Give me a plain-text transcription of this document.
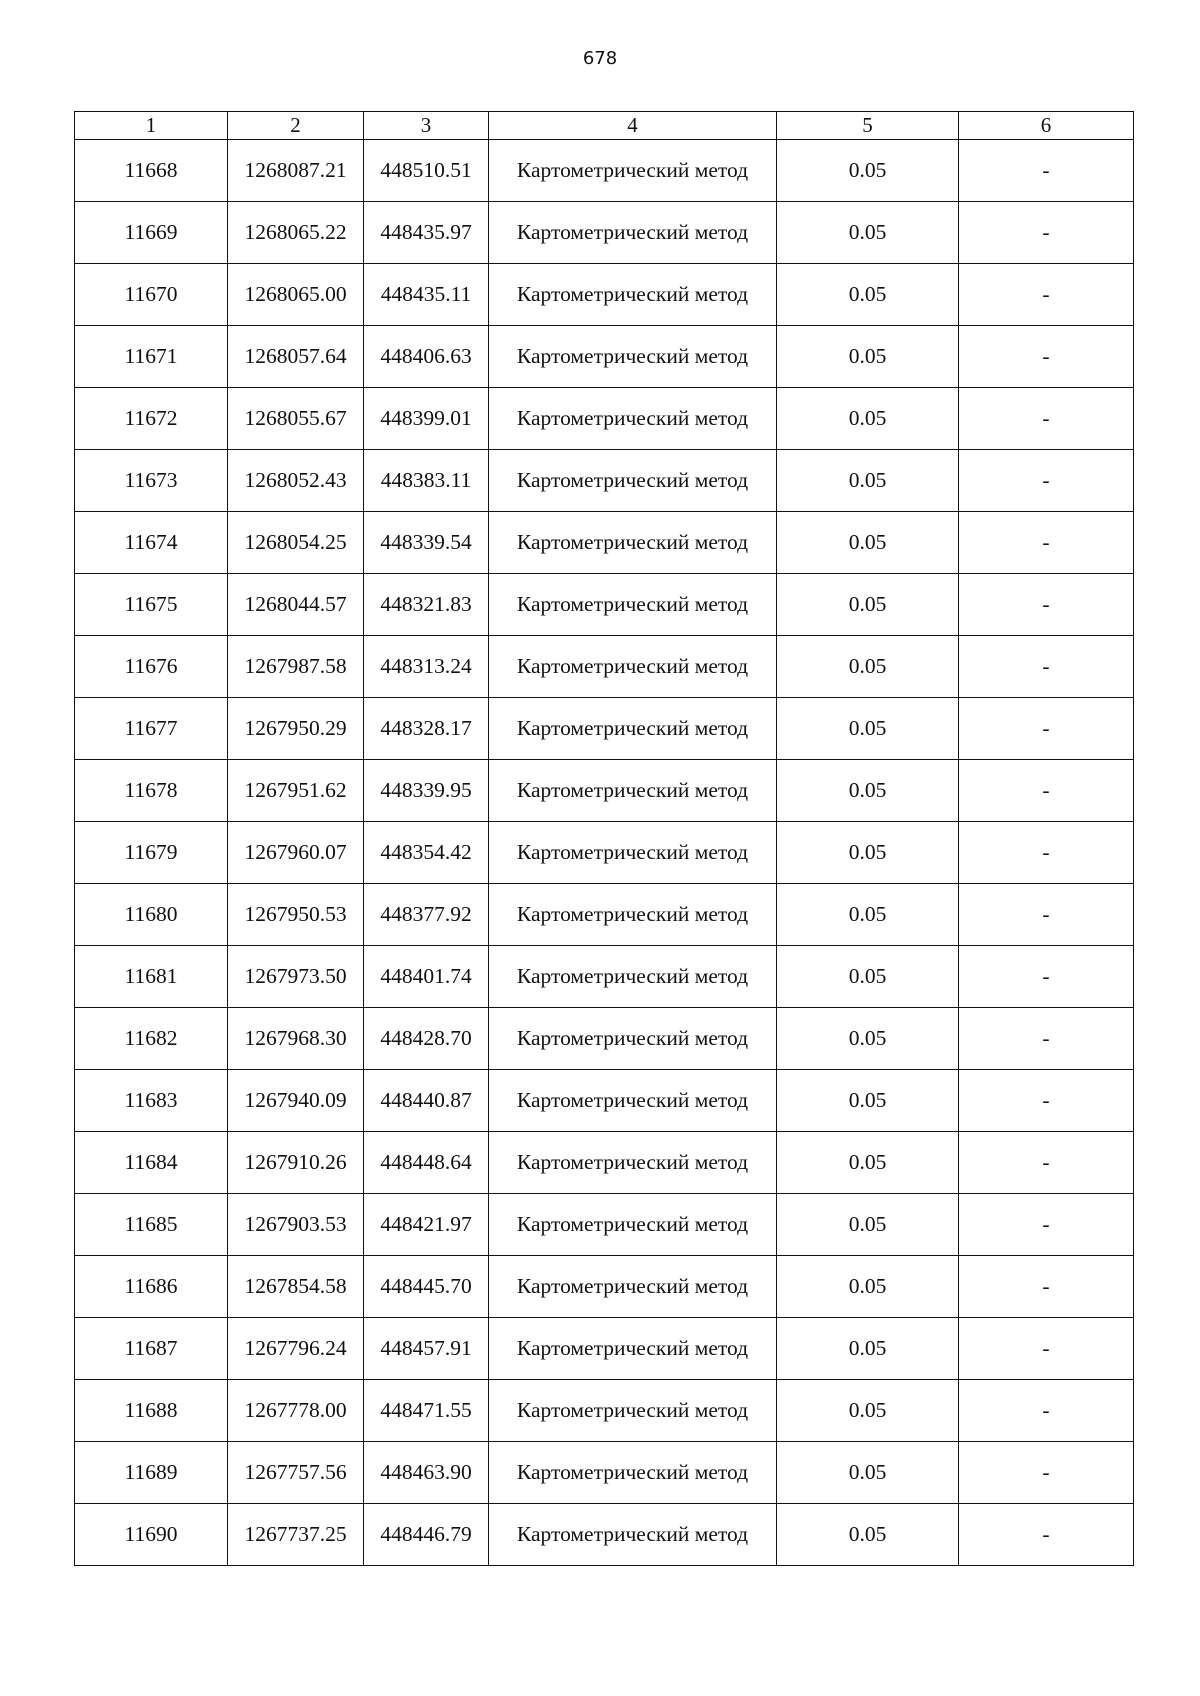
678
1	2	3	4	5	6
11668	1268087.21	448510.51	Картометрический метод	0.05	-
11669	1268065.22	448435.97	Картометрический метод	0.05	-
11670	1268065.00	448435.11	Картометрический метод	0.05	-
11671	1268057.64	448406.63	Картометрический метод	0.05	-
11672	1268055.67	448399.01	Картометрический метод	0.05	-
11673	1268052.43	448383.11	Картометрический метод	0.05	-
11674	1268054.25	448339.54	Картометрический метод	0.05	-
11675	1268044.57	448321.83	Картометрический метод	0.05	-
11676	1267987.58	448313.24	Картометрический метод	0.05	-
11677	1267950.29	448328.17	Картометрический метод	0.05	-
11678	1267951.62	448339.95	Картометрический метод	0.05	-
11679	1267960.07	448354.42	Картометрический метод	0.05	-
11680	1267950.53	448377.92	Картометрический метод	0.05	-
11681	1267973.50	448401.74	Картометрический метод	0.05	-
11682	1267968.30	448428.70	Картометрический метод	0.05	-
11683	1267940.09	448440.87	Картометрический метод	0.05	-
11684	1267910.26	448448.64	Картометрический метод	0.05	-
11685	1267903.53	448421.97	Картометрический метод	0.05	-
11686	1267854.58	448445.70	Картометрический метод	0.05	-
11687	1267796.24	448457.91	Картометрический метод	0.05	-
11688	1267778.00	448471.55	Картометрический метод	0.05	-
11689	1267757.56	448463.90	Картометрический метод	0.05	-
11690	1267737.25	448446.79	Картометрический метод	0.05	-
